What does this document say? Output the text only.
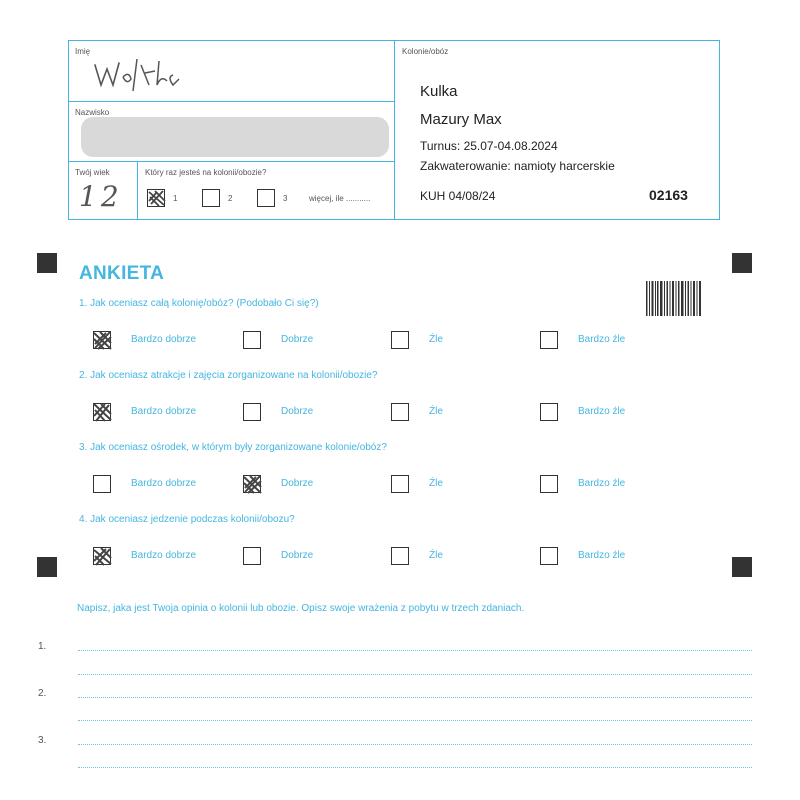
Imię
Nazwisko
Twój wiek
12
Który raz jesteś na kolonii/obozie?
1	2	3	więcej, ile ...........
Kolonie/obóz
Kulka
Mazury Max
Turnus: 25.07-04.08.2024
Zakwaterowanie: namioty harcerskie
KUH 04/08/24	02163
ANKIETA
1. Jak oceniasz całą kolonię/obóz? (Podobało Ci się?)
Bardzo dobrze	Dobrze	Źle	Bardzo źle
2. Jak oceniasz atrakcje i zajęcia zorganizowane na kolonii/obozie?
Bardzo dobrze	Dobrze	Źle	Bardzo źle
3. Jak oceniasz ośrodek, w którym były zorganizowane kolonie/obóz?
Bardzo dobrze	Dobrze	Źle	Bardzo źle
4. Jak oceniasz jedzenie podczas kolonii/obozu?
Bardzo dobrze	Dobrze	Źle	Bardzo źle
Napisz, jaka jest Twoja opinia o kolonii lub obozie. Opisz swoje wrażenia z pobytu w trzech zdaniach.
1.
2.
3.
